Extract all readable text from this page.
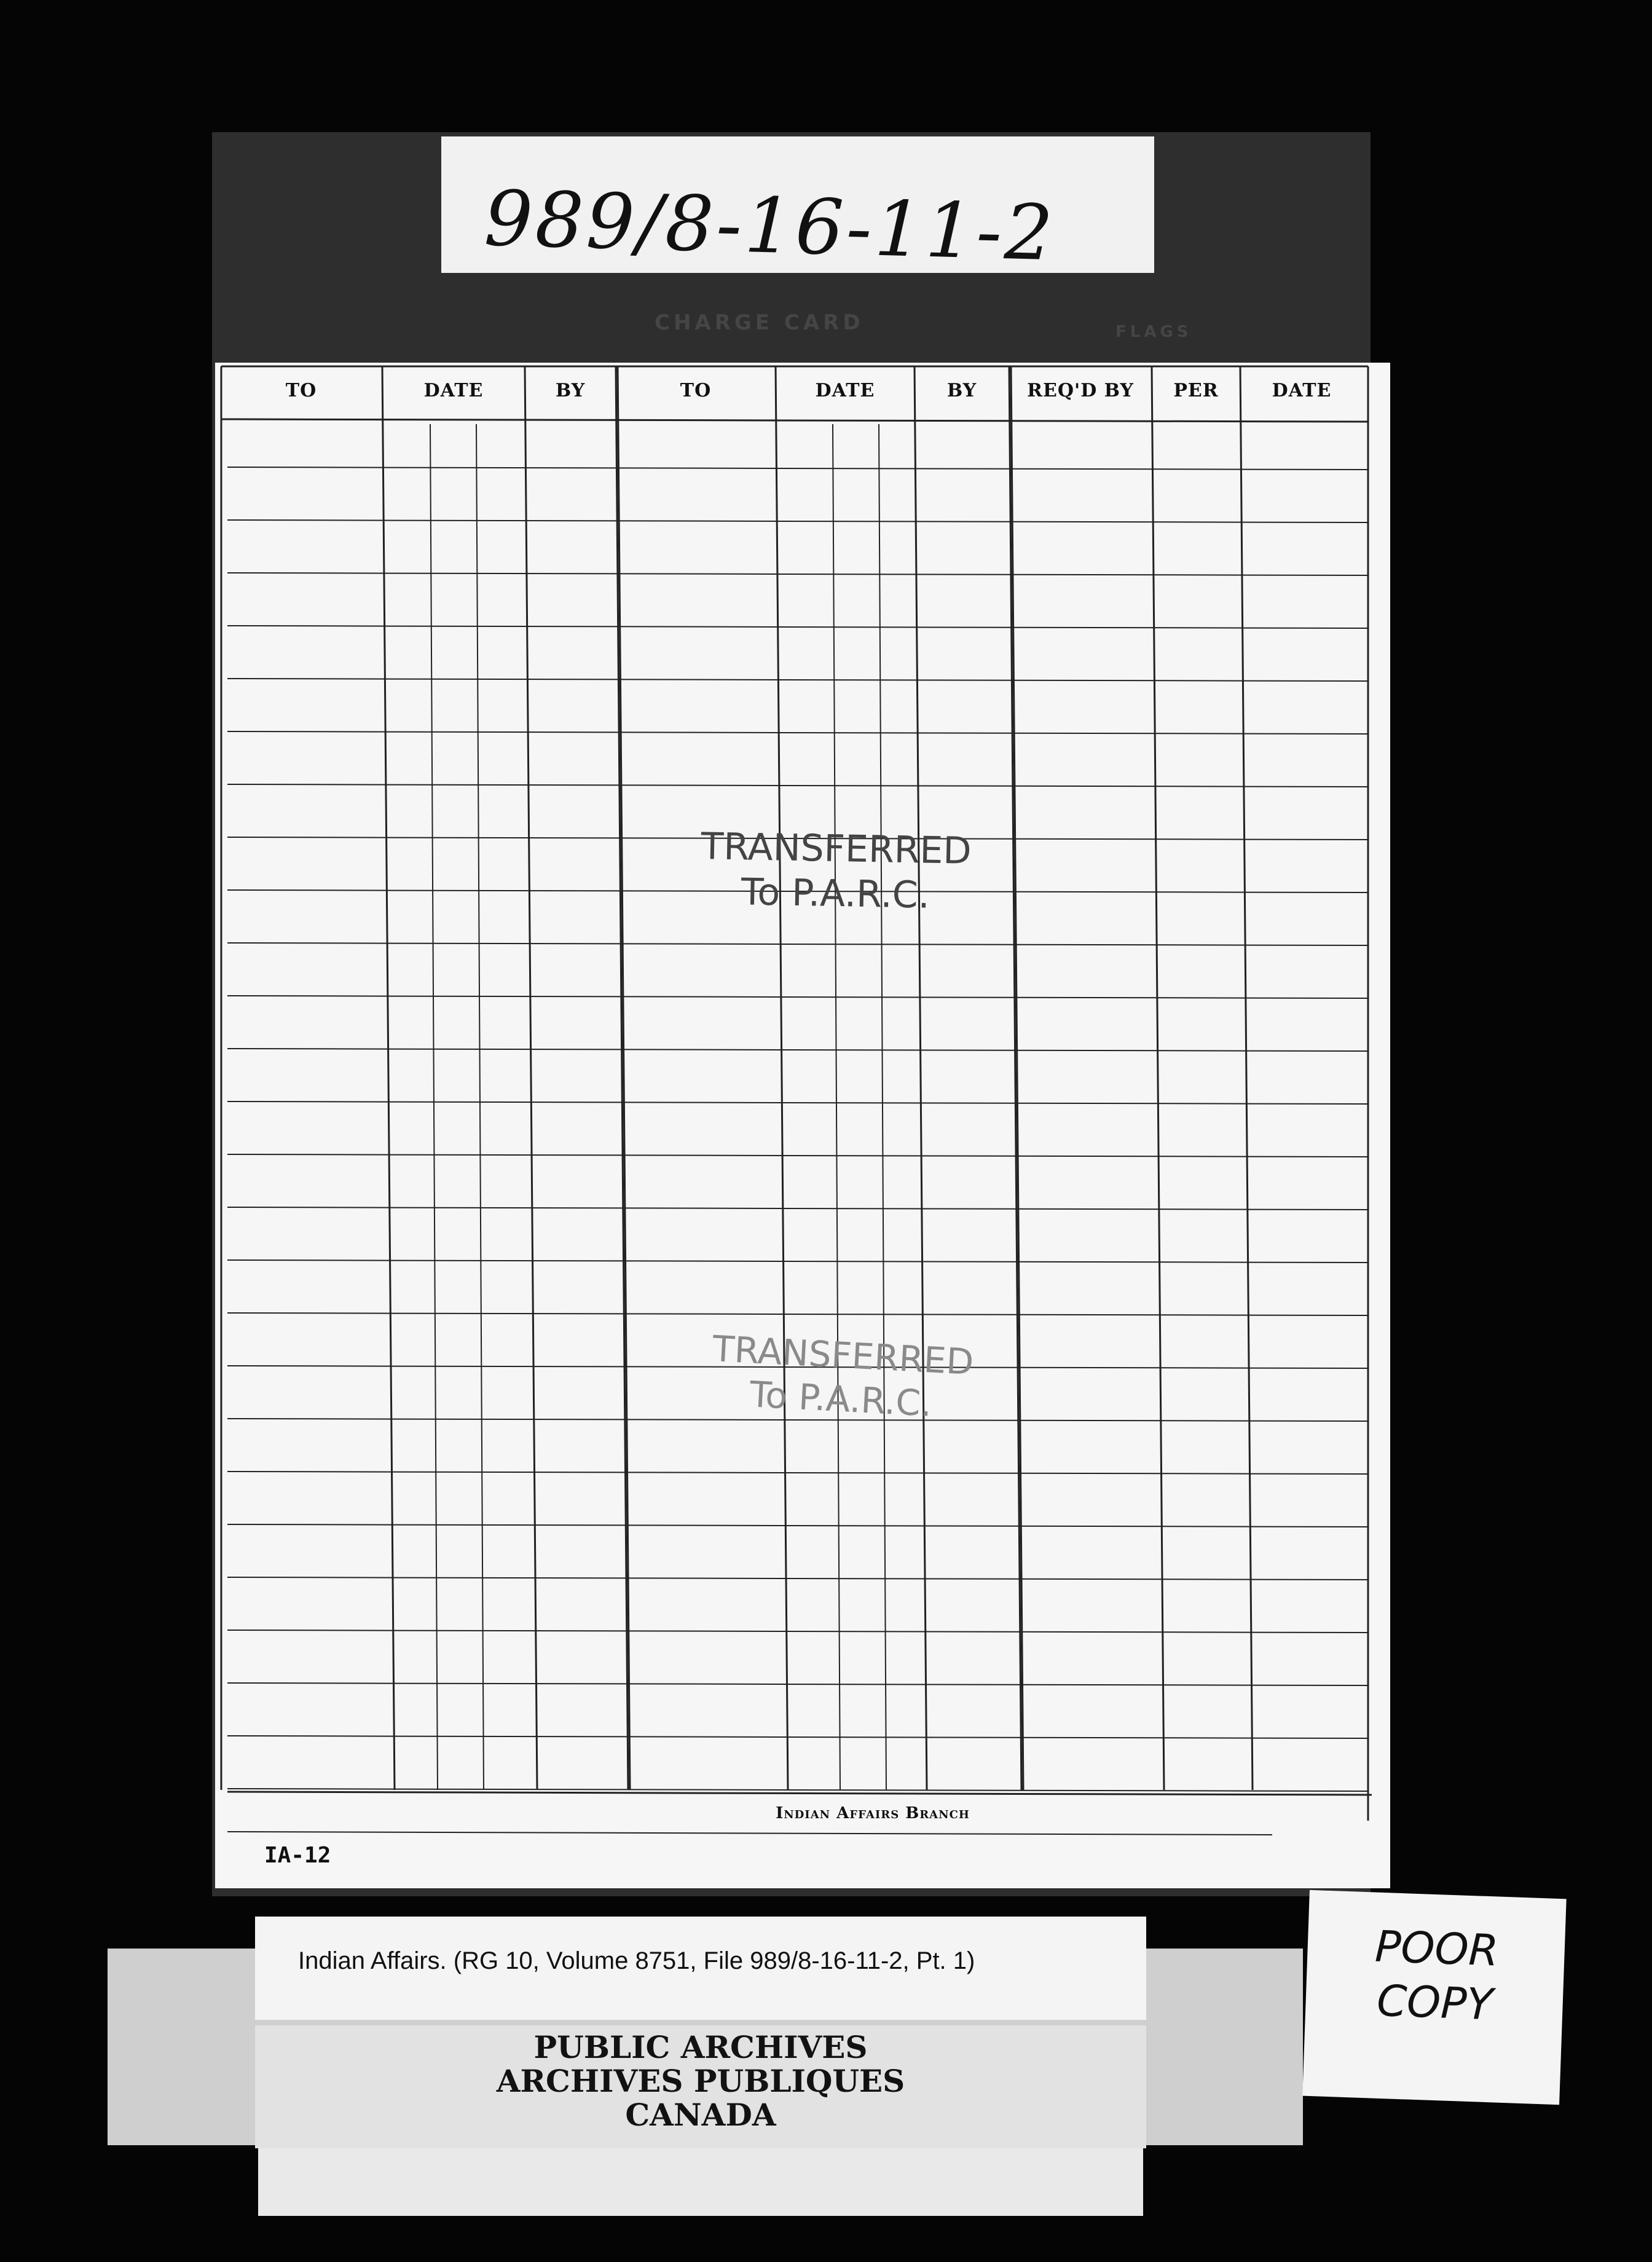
CHARGE CARD	FLAGS
989/8-16-11-2
TO	DATE	BY	TO	DATE	BY	REQ'D BY	PER	DATE
TRANSFERRED
To P.A.R.C.
TRANSFERRED
To P.A.R.C.
Indian Affairs Branch
IA-12
PUBLIC ARCHIVES
ARCHIVES PUBLIQUES
CANADA
Indian Affairs. (RG 10, Volume 8751, File 989/8-16-11-2, Pt. 1)	POOR
COPY
